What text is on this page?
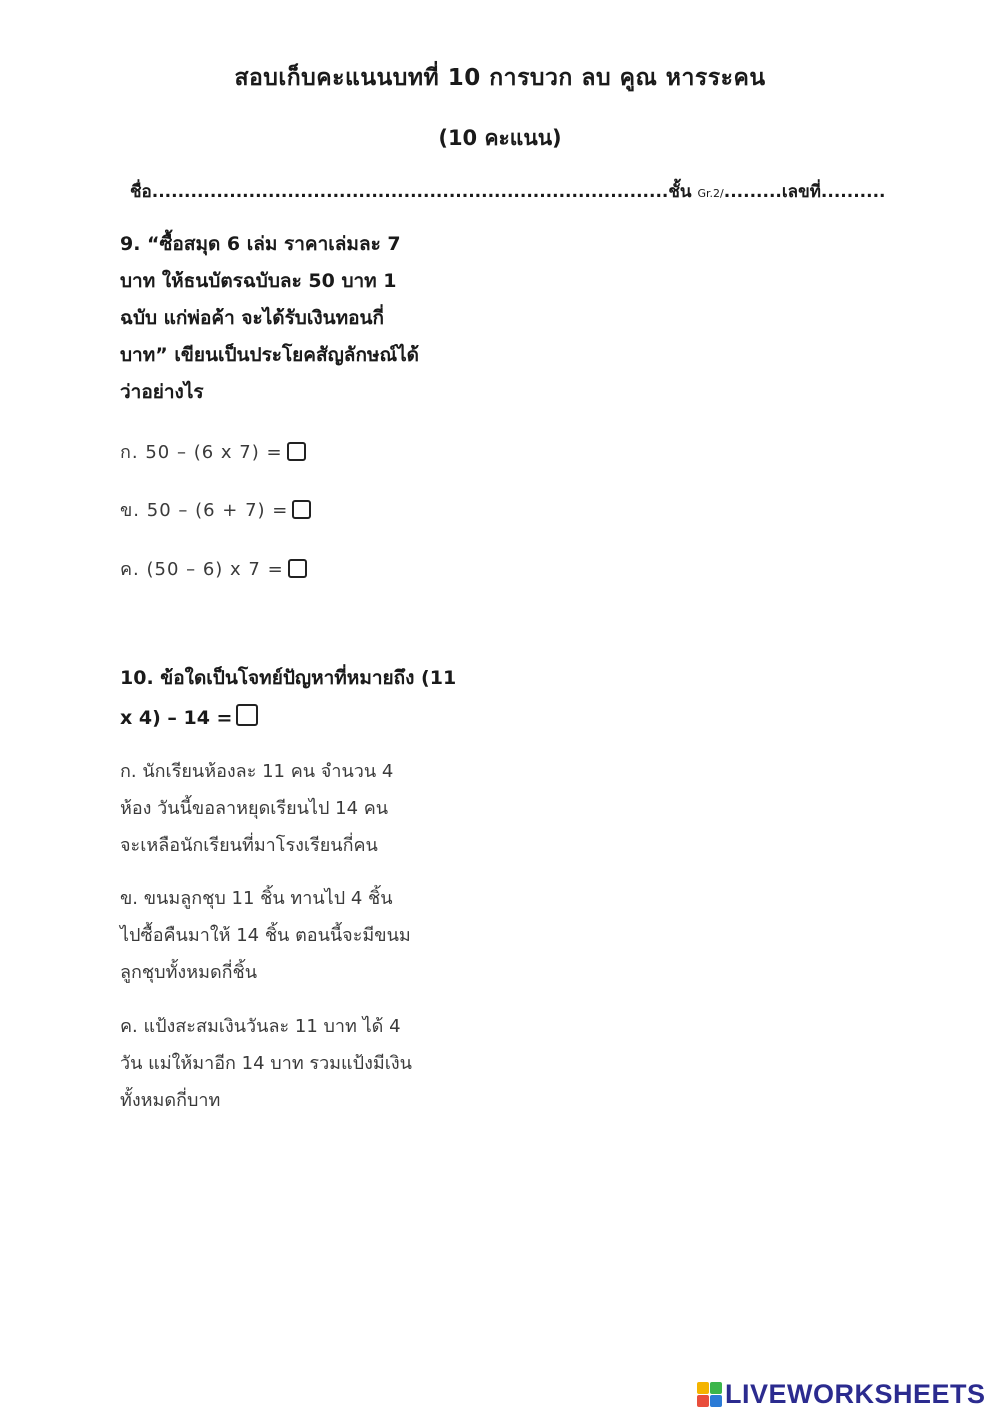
สอบเก็บคะแนนบทที่ 10 การบวก ลบ คูณ หารระคน
(10 คะแนน)
ชื่อ................................................................................ชั้น Gr.2/.........เลขที่..........
9. “ซื้อสมุด 6 เล่ม ราคาเล่มละ 7
บาท ให้ธนบัตรฉบับละ 50 บาท 1
ฉบับ แก่พ่อค้า จะได้รับเงินทอนกี่
บาท” เขียนเป็นประโยคสัญลักษณ์ได้
ว่าอย่างไร
ก. 50 – (6 x 7) =
ข. 50 – (6 + 7) =
ค. (50 – 6) x 7 =
10. ข้อใดเป็นโจทย์ปัญหาที่หมายถึง (11
x 4) – 14 =
ก. นักเรียนห้องละ 11 คน จำนวน 4
ห้อง วันนี้ขอลาหยุดเรียนไป 14 คน
จะเหลือนักเรียนที่มาโรงเรียนกี่คน
ข. ขนมลูกชุบ 11 ชิ้น ทานไป 4 ชิ้น
ไปซื้อคืนมาให้ 14 ชิ้น ตอนนี้จะมีขนม
ลูกชุบทั้งหมดกี่ชิ้น
ค. แป้งสะสมเงินวันละ 11 บาท ได้ 4
วัน แม่ให้มาอีก 14 บาท รวมแป้งมีเงิน
ทั้งหมดกี่บาท
LIVEWORKSHEETS
